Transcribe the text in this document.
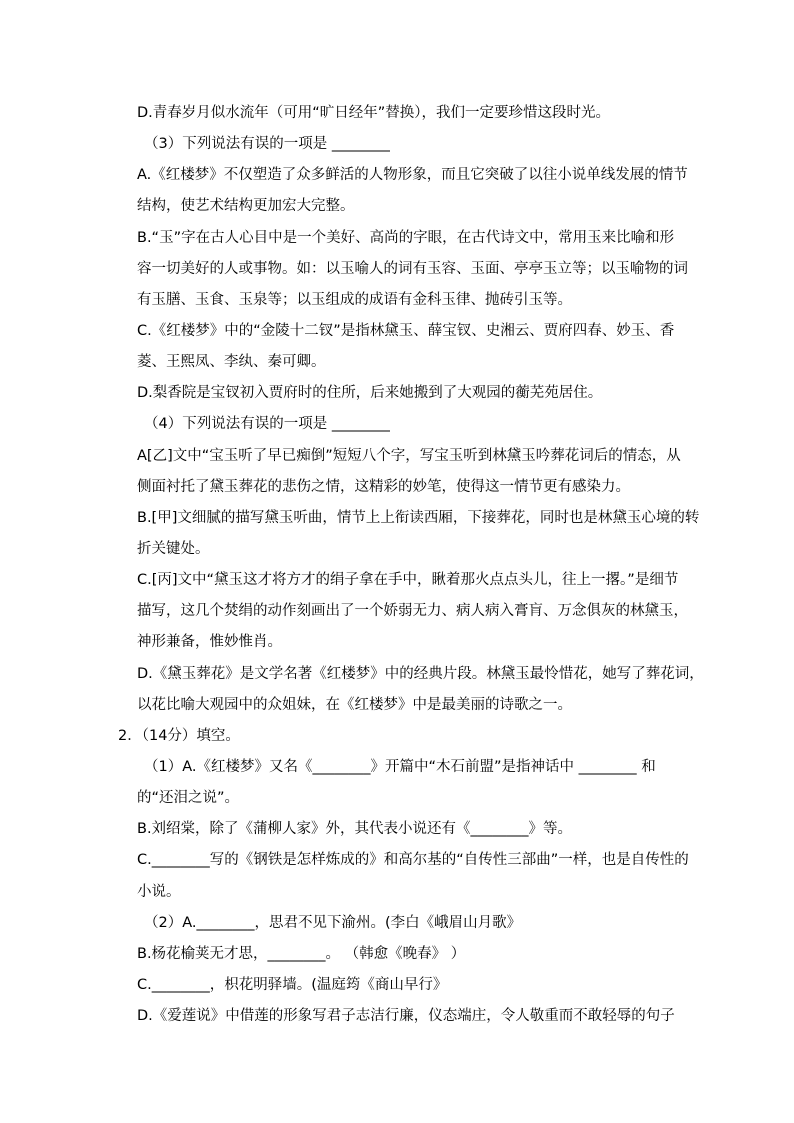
D.青春岁月似水流年（可用“旷日经年”替换），我们一定要珍惜这段时光。
（3）下列说法有误的一项是 ________
A.《红楼梦》不仅塑造了众多鲜活的人物形象，而且它突破了以往小说单线发展的情节
结构，使艺术结构更加宏大完整。
B.“玉”字在古人心目中是一个美好、高尚的字眼，在古代诗文中，常用玉来比喻和形
容一切美好的人或事物。如：以玉喻人的词有玉容、玉面、亭亭玉立等；以玉喻物的词
有玉膳、玉食、玉泉等；以玉组成的成语有金科玉律、抛砖引玉等。
C.《红楼梦》中的“金陵十二钗”是指林黛玉、薛宝钗、史湘云、贾府四春、妙玉、香
菱、王熙凤、李纨、秦可卿。
D.梨香院是宝钗初入贾府时的住所，后来她搬到了大观园的蘅芜苑居住。
（4）下列说法有误的一项是 ________
A[乙]文中“宝玉听了早已痴倒”短短八个字，写宝玉听到林黛玉吟葬花词后的情态，从
侧面衬托了黛玉葬花的悲伤之情，这精彩的妙笔，使得这一情节更有感染力。
B.[甲]文细腻的描写黛玉听曲，情节上上衔读西厢，下接葬花，同时也是林黛玉心境的转
折关键处。
C.[丙]文中“黛玉这才将方才的绢子拿在手中，瞅着那火点点头儿，往上一撂。”是细节
描写，这几个焚绢的动作刻画出了一个娇弱无力、病人病入膏肓、万念俱灰的林黛玉，
神形兼备，惟妙惟肖。
D.《黛玉葬花》是文学名著《红楼梦》中的经典片段。林黛玉最怜惜花，她写了葬花词，
以花比喻大观园中的众姐妹，在《红楼梦》中是最美丽的诗歌之一。
2．（14分）填空。
（1）A.《红楼梦》又名《________》开篇中“木石前盟”是指神话中 ________ 和
的“还泪之说”。
B.刘绍棠，除了《蒲柳人家》外，其代表小说还有《________》等。
C.________写的《钢铁是怎样炼成的》和高尔基的“自传性三部曲”一样，也是自传性的
小说。
（2）A.________，思君不见下渝州。(李白《峨眉山月歌》
B.杨花榆荚无才思，________。 （韩愈《晚春》 ）
C.________，枳花明驿墙。(温庭筠《商山早行》
D.《爱莲说》中借莲的形象写君子志洁行廉，仪态端庄，令人敬重而不敢轻辱的句子
